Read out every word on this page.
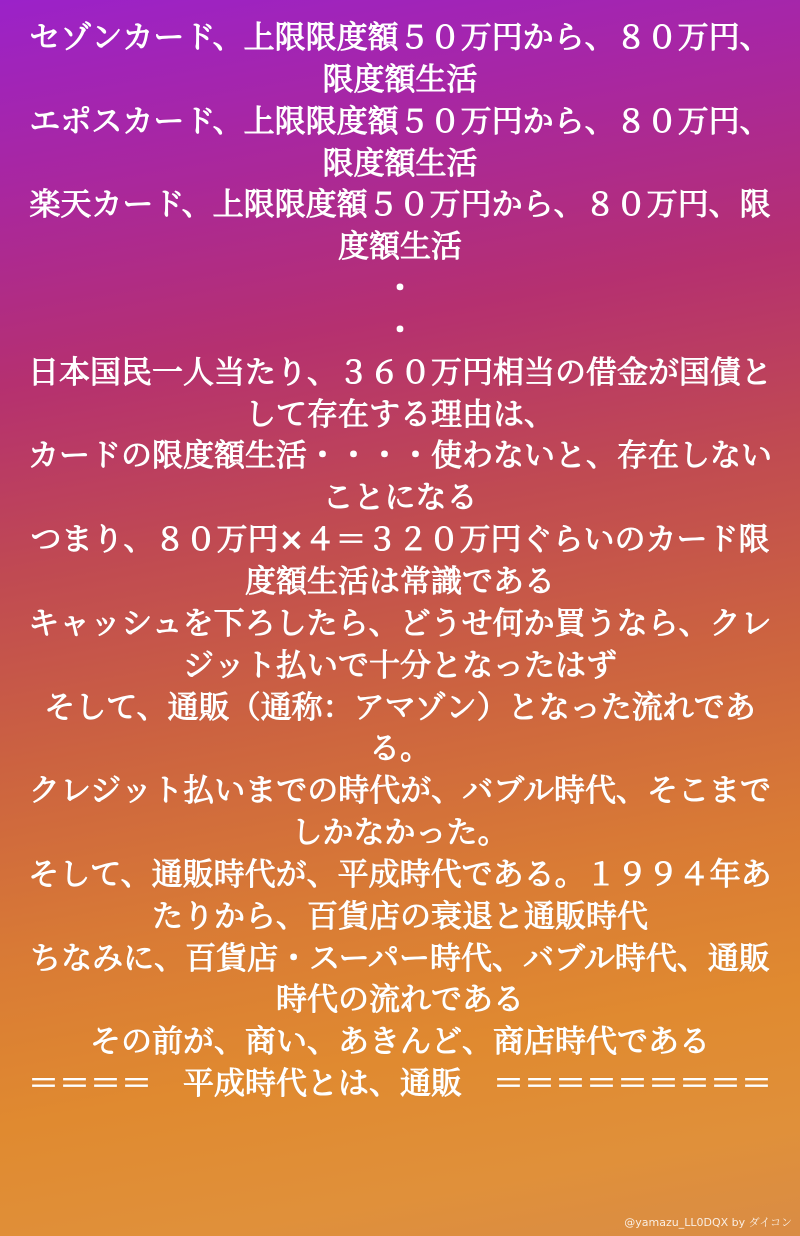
セゾンカード、上限限度額５０万円から、８０万円、限度額生活
エポスカード、上限限度額５０万円から、８０万円、限度額生活
楽天カード、上限限度額５０万円から、８０万円、限度額生活
・
・
日本国民一人当たり、３６０万円相当の借金が国債として存在する理由は、
カードの限度額生活・・・・使わないと、存在しないことになる
つまり、８０万円×４＝３２０万円ぐらいのカード限度額生活は常識である
キャッシュを下ろしたら、どうせ何か買うなら、クレジット払いで十分となったはず
そして、通販（通称：アマゾン）となった流れである。
クレジット払いまでの時代が、バブル時代、そこまでしかなかった。
そして、通販時代が、平成時代である。１９９４年あたりから、百貨店の衰退と通販時代
ちなみに、百貨店・スーパー時代、バブル時代、通販時代の流れである
その前が、商い、あきんど、商店時代である
＝＝＝＝　平成時代とは、通販　＝＝＝＝＝＝＝＝＝
@yamazu_LL0DQX by ダイコン
